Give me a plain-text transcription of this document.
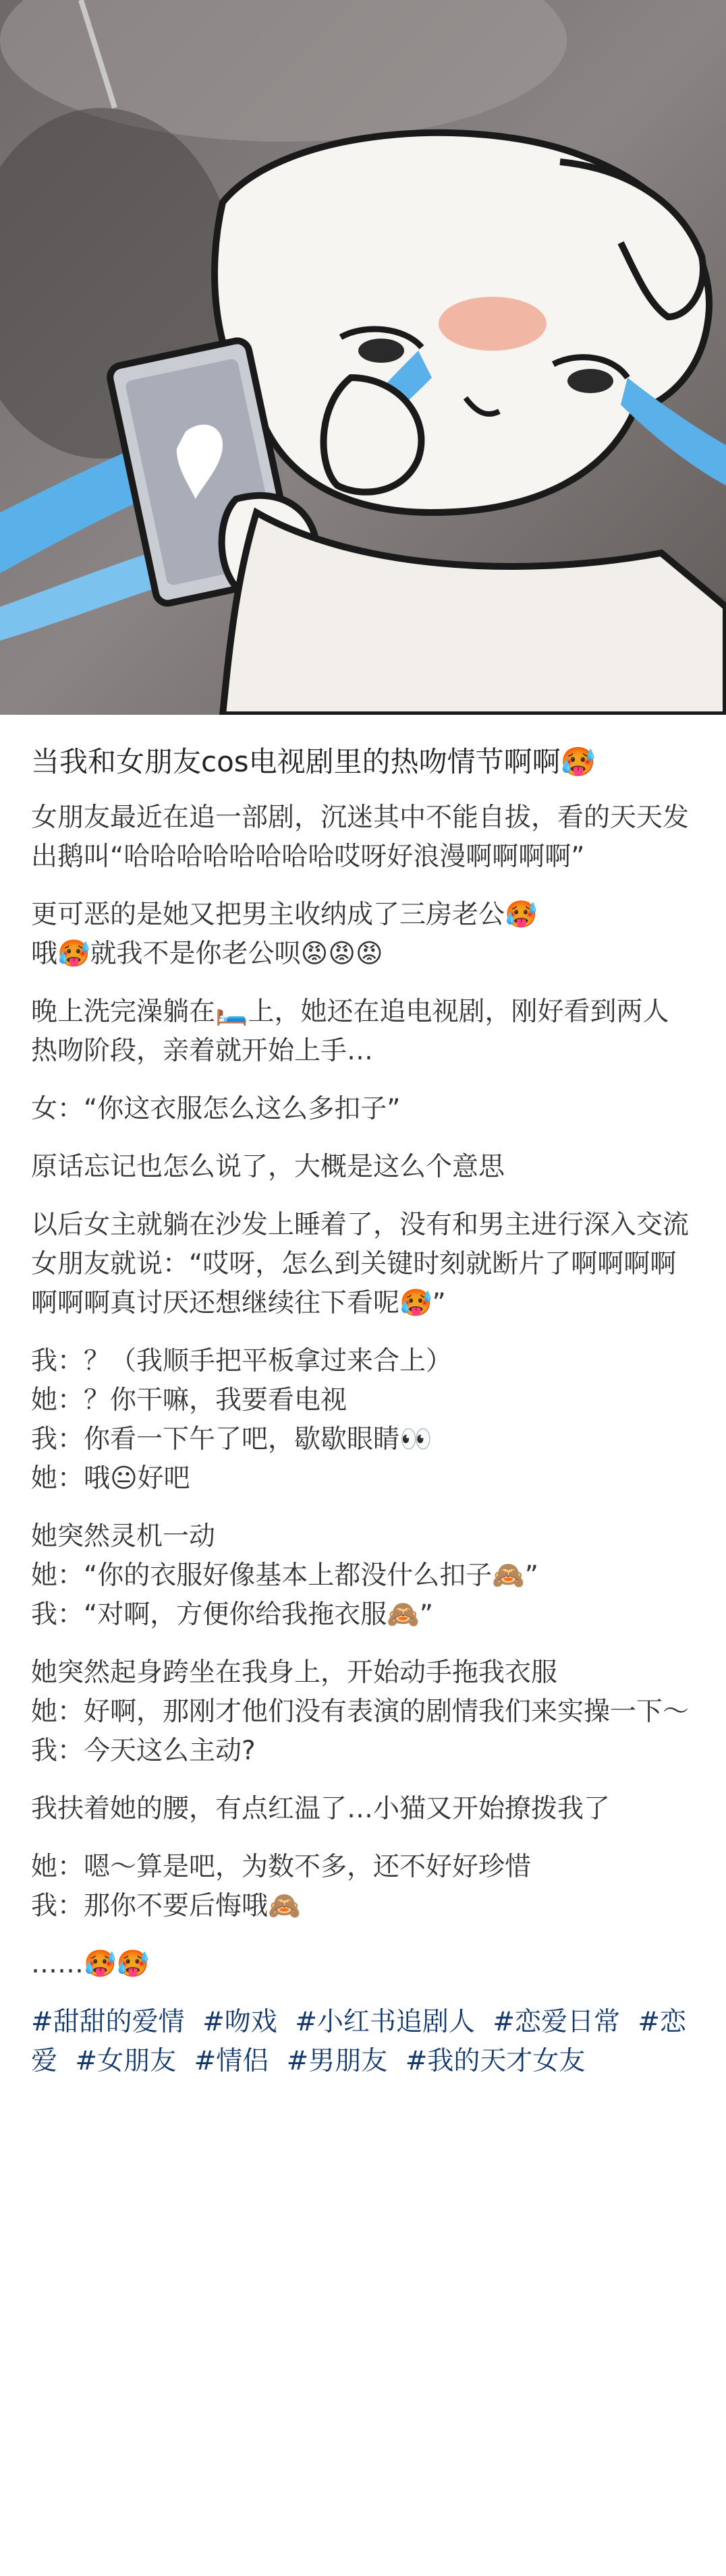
当我和女朋友cos电视剧里的热吻情节啊啊🥵

女朋友最近在追一部剧，沉迷其中不能自拔，看的天天发出鹅叫“哈哈哈哈哈哈哈哈哎呀好浪漫啊啊啊啊”

更可恶的是她又把男主收纳成了三房老公🥵
哦🥵就我不是你老公呗😡😡😡

晚上洗完澡躺在🛏️上，她还在追电视剧，刚好看到两人热吻阶段，亲着就开始上手…

女：“你这衣服怎么这么多扣子”

原话忘记也怎么说了，大概是这么个意思

以后女主就躺在沙发上睡着了，没有和男主进行深入交流女朋友就说：“哎呀，怎么到关键时刻就断片了啊啊啊啊啊啊啊真讨厌还想继续往下看呢🥵”

我：？（我顺手把平板拿过来合上）
她：？你干嘛，我要看电视
我：你看一下午了吧，歇歇眼睛👀
她：哦😐好吧

她突然灵机一动
她：“你的衣服好像基本上都没什么扣子🙈”
我：“对啊，方便你给我拖衣服🙈”

她突然起身跨坐在我身上，开始动手拖我衣服
她：好啊，那刚才他们没有表演的剧情我们来实操一下～
我：今天这么主动?

我扶着她的腰，有点红温了…小猫又开始撩拨我了

她：嗯～算是吧，为数不多，还不好好珍惜
我：那你不要后悔哦🙈

……🥵🥵

#甜甜的爱情 #吻戏 #小红书追剧人 #恋爱日常 #恋爱 #女朋友 #情侣 #男朋友 #我的天才女友
